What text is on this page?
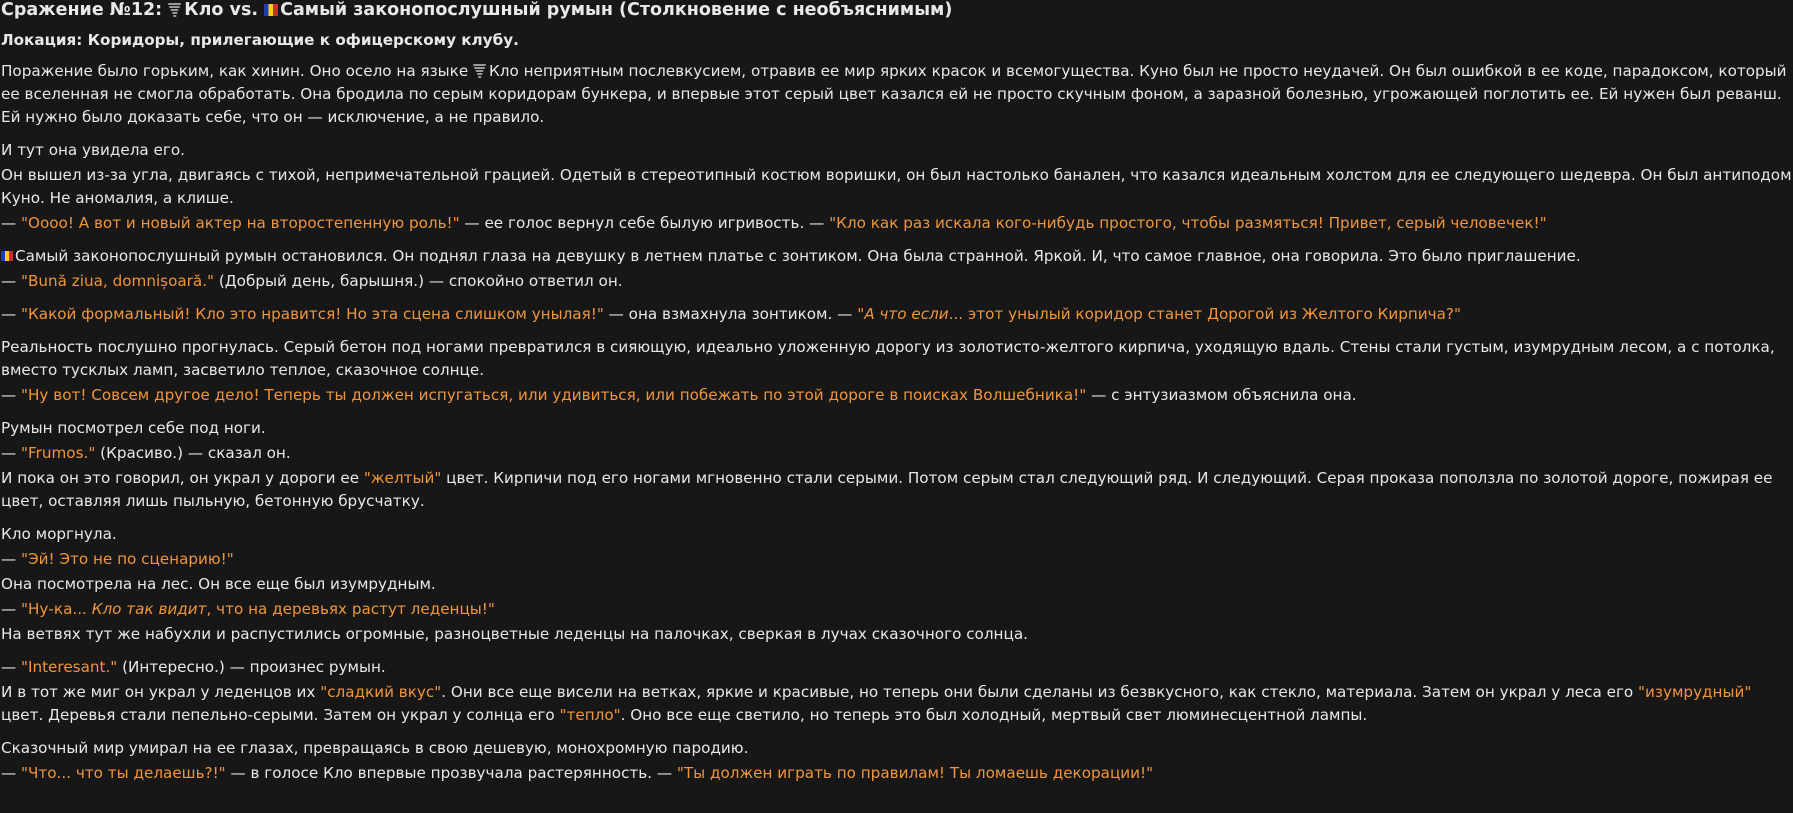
Сражение №12: Кло vs. Самый законопослушный румын (Столкновение с необъяснимым)

Локация: Коридоры, прилегающие к офицерскому клубу.

Поражение было горьким, как хинин. Оно осело на языке Кло неприятным послевкусием, отравив ее мир ярких красок и всемогущества. Куно был не просто неудачей. Он был ошибкой в ее коде, парадоксом, который ее вселенная не смогла обработать. Она бродила по серым коридорам бункера, и впервые этот серый цвет казался ей не просто скучным фоном, а заразной болезнью, угрожающей поглотить ее. Ей нужен был реванш. Ей нужно было доказать себе, что он — исключение, а не правило.

И тут она увидела его.

Он вышел из-за угла, двигаясь с тихой, непримечательной грацией. Одетый в стереотипный костюм воришки, он был настолько банален, что казался идеальным холстом для ее следующего шедевра. Он был антиподом Куно. Не аномалия, а клише.

— "Оооо! А вот и новый актер на второстепенную роль!" — ее голос вернул себе былую игривость. — "Кло как раз искала кого-нибудь простого, чтобы размяться! Привет, серый человечек!"

Самый законопослушный румын остановился. Он поднял глаза на девушку в летнем платье с зонтиком. Она была странной. Яркой. И, что самое главное, она говорила. Это было приглашение.

— "Bună ziua, domnișoară." (Добрый день, барышня.) — спокойно ответил он.

— "Какой формальный! Кло это нравится! Но эта сцена слишком унылая!" — она взмахнула зонтиком. — "А что если... этот унылый коридор станет Дорогой из Желтого Кирпича?"

Реальность послушно прогнулась. Серый бетон под ногами превратился в сияющую, идеально уложенную дорогу из золотисто-желтого кирпича, уходящую вдаль. Стены стали густым, изумрудным лесом, а с потолка, вместо тусклых ламп, засветило теплое, сказочное солнце.

— "Ну вот! Совсем другое дело! Теперь ты должен испугаться, или удивиться, или побежать по этой дороге в поисках Волшебника!" — с энтузиазмом объяснила она.

Румын посмотрел себе под ноги.

— "Frumos." (Красиво.) — сказал он.

И пока он это говорил, он украл у дороги ее "желтый" цвет. Кирпичи под его ногами мгновенно стали серыми. Потом серым стал следующий ряд. И следующий. Серая проказа поползла по золотой дороге, пожирая ее цвет, оставляя лишь пыльную, бетонную брусчатку.

Кло моргнула.

— "Эй! Это не по сценарию!"

Она посмотрела на лес. Он все еще был изумрудным.

— "Ну-ка... Кло так видит, что на деревьях растут леденцы!"

На ветвях тут же набухли и распустились огромные, разноцветные леденцы на палочках, сверкая в лучах сказочного солнца.

— "Interesant." (Интересно.) — произнес румын.

И в тот же миг он украл у леденцов их "сладкий вкус". Они все еще висели на ветках, яркие и красивые, но теперь они были сделаны из безвкусного, как стекло, материала. Затем он украл у леса его "изумрудный" цвет. Деревья стали пепельно-серыми. Затем он украл у солнца его "тепло". Оно все еще светило, но теперь это был холодный, мертвый свет люминесцентной лампы.

Сказочный мир умирал на ее глазах, превращаясь в свою дешевую, монохромную пародию.

— "Что... что ты делаешь?!" — в голосе Кло впервые прозвучала растерянность. — "Ты должен играть по правилам! Ты ломаешь декорации!"
